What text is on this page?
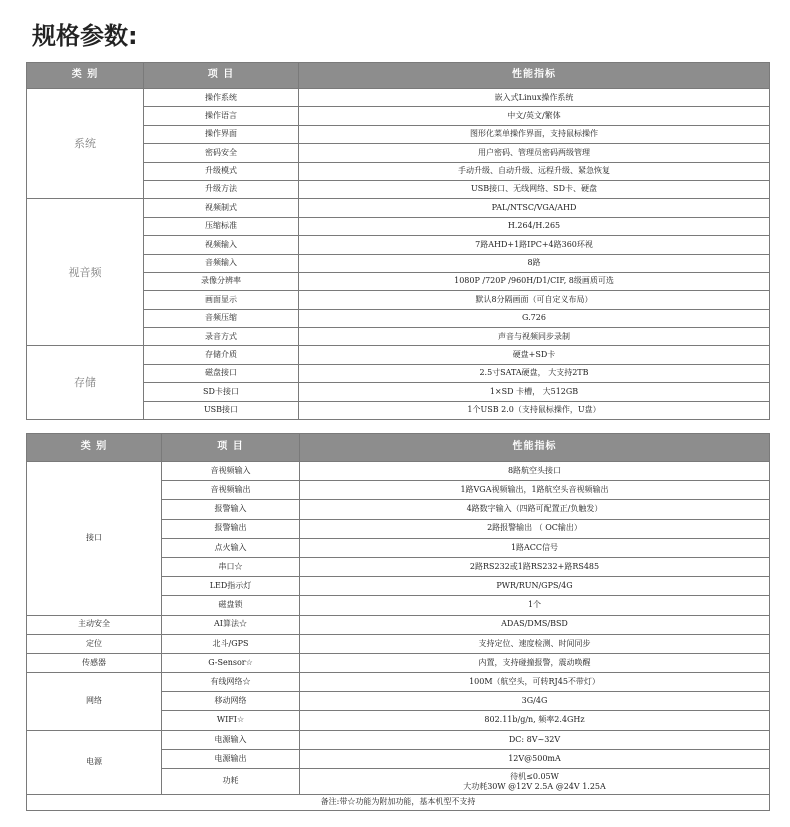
规格参数:
类 别	项 目	性能指标
系统	操作系统	嵌入式Linux操作系统
	操作语言	中文/英文/繁体
	操作界面	图形化菜单操作界面，支持鼠标操作
	密码安全	用户密码、管理员密码两级管理
	升级模式	手动升级、自动升级、远程升级、紧急恢复
	升级方法	USB接口、无线网络、SD卡、硬盘
视音频	视频制式	PAL/NTSC/VGA/AHD
	压缩标准	H.264/H.265
	视频输入	7路AHD+1路IPC+4路360环视
	音频输入	8路
	录像分辨率	1080P /720P /960H/D1/CIF, 8级画质可选
	画面显示	默认8分隔画面（可自定义布局）
	音频压缩	G.726
	录音方式	声音与视频同步录制
存储	存储介质	硬盘+SD卡
	磁盘接口	2.5寸SATA硬盘， 大支持2TB
	SD卡接口	1×SD 卡槽， 大512GB
	USB接口	1个USB 2.0（支持鼠标操作，U盘）
类 别	项 目	性能指标
接口	音视频输入	8路航空头接口
	音视频输出	1路VGA视频输出，1路航空头音视频输出
	报警输入	4路数字输入（四路可配置正/负触发）
	报警输出	2路报警输出 （ OC输出）
	点火输入	1路ACC信号
	串口☆	2路RS232或1路RS232+路RS485
	LED指示灯	PWR/RUN/GPS/4G
	磁盘锁	1个
主动安全	AI算法☆	ADAS/DMS/BSD
定位	北斗/GPS	支持定位、速度检测、时间同步
传感器	G-Sensor☆	内置，支持碰撞报警，震动唤醒
网络	有线网络☆	100M（航空头，可转RJ45不带灯）
	移动网络	3G/4G
	WIFI☆	802.11b/g/n, 频率2.4GHz
电源	电源输入	DC: 8V~32V
	电源输出	12V@500mA
	功耗	待机≤0.05W
大功耗30W @12V 2.5A @24V 1.25A
备注:带☆功能为附加功能，基本机型不支持		
